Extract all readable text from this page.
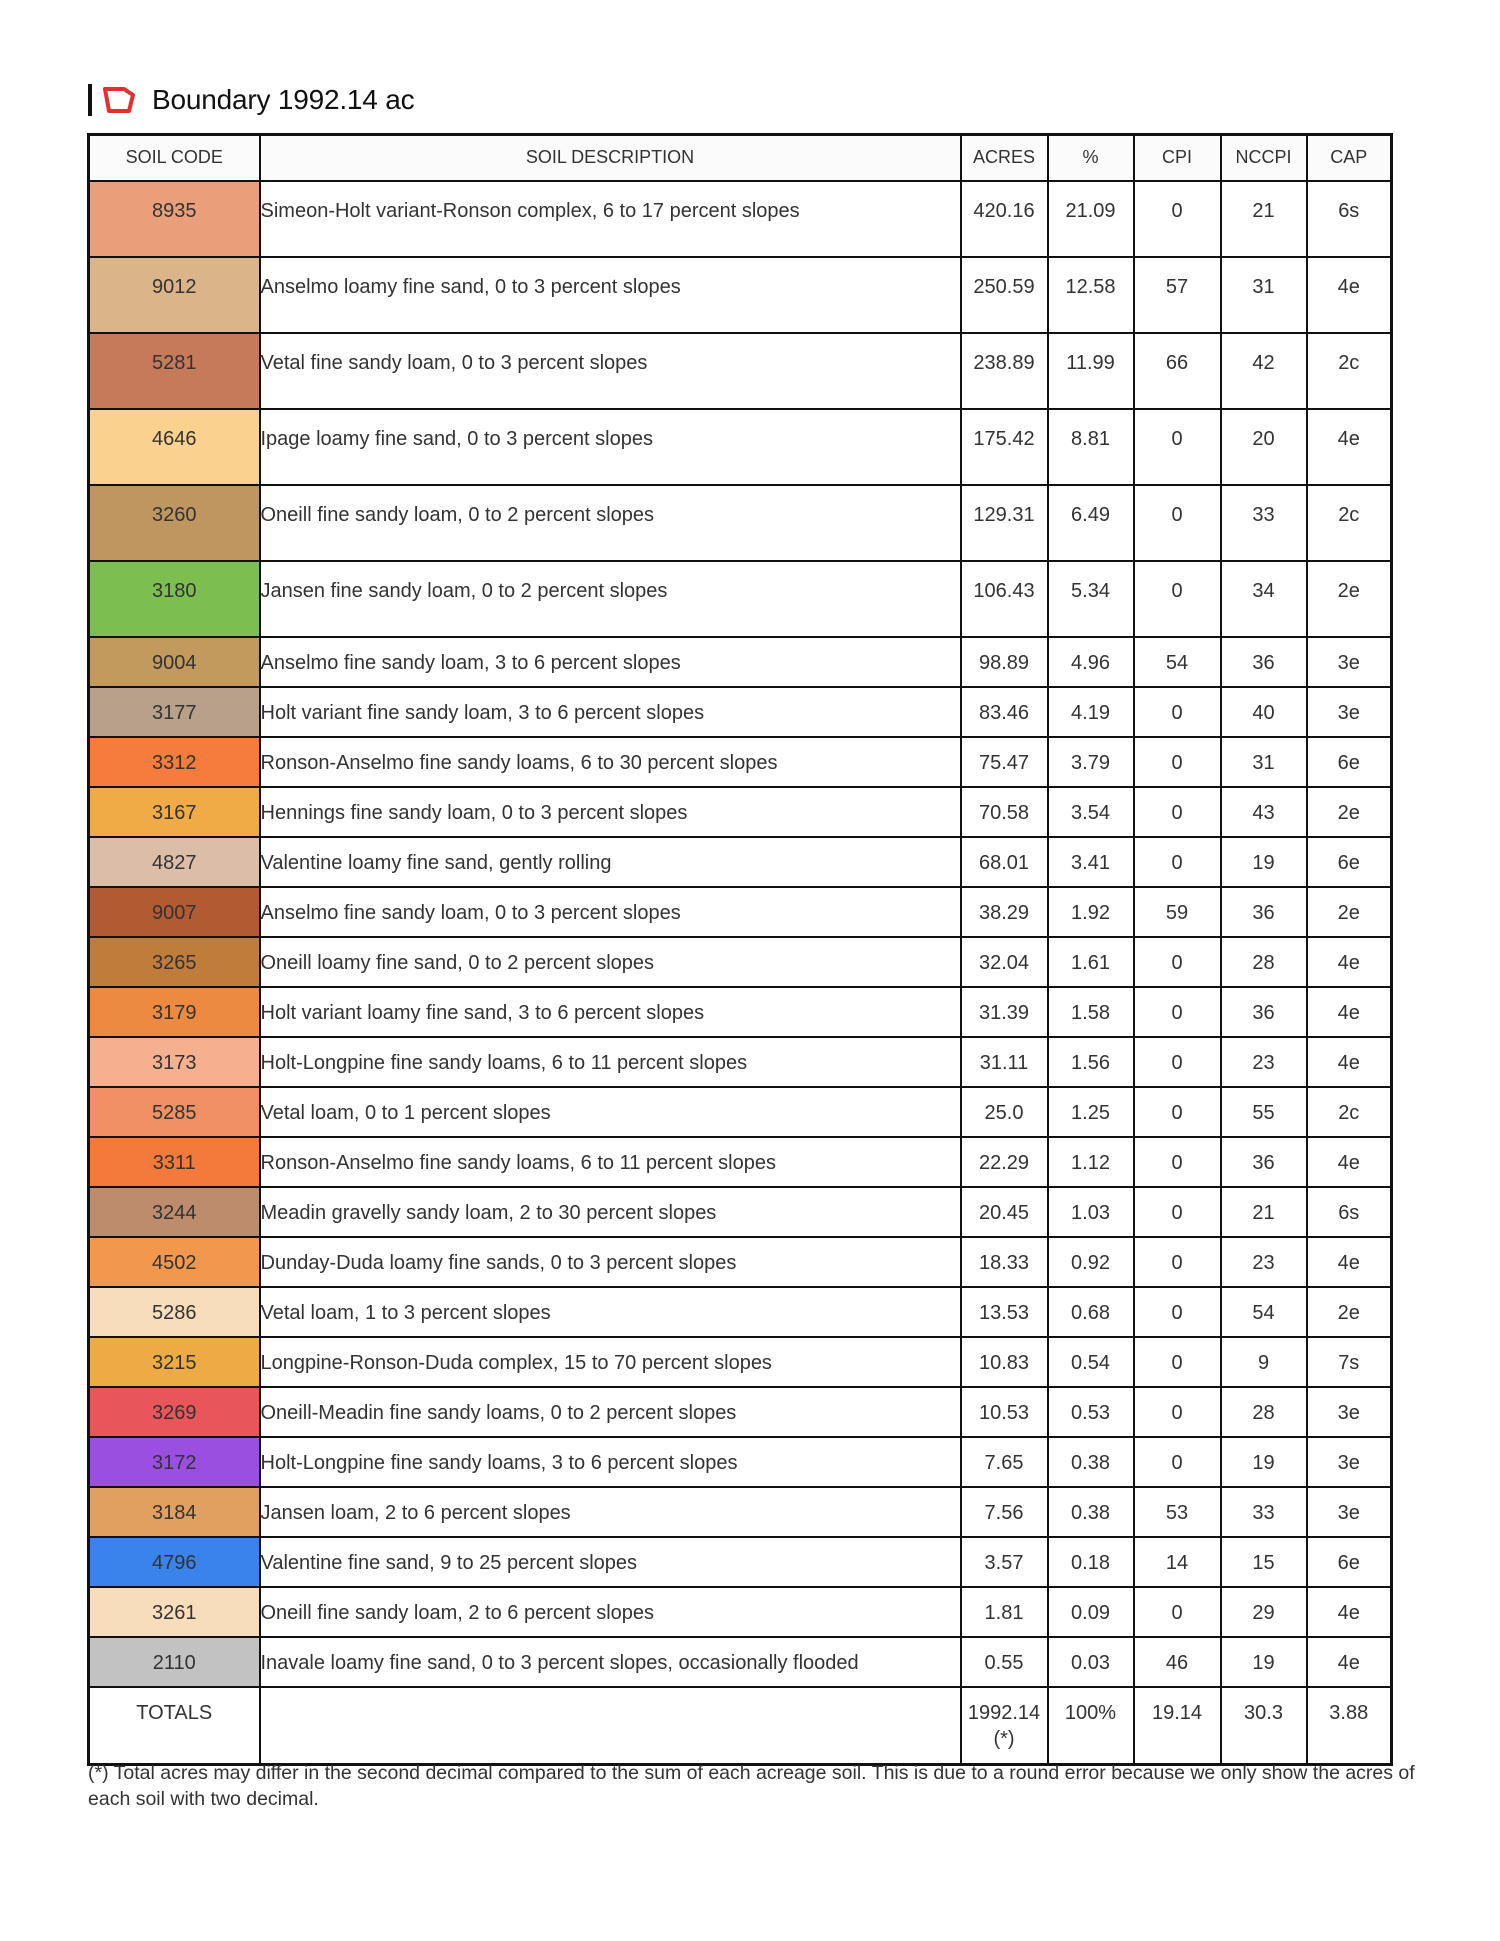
Boundary 1992.14 ac
SOIL CODE	SOIL DESCRIPTION	ACRES	%	CPI	NCCPI	CAP
8935	Simeon-Holt variant-Ronson complex, 6 to 17 percent slopes	420.16	21.09	0	21	6s
9012	Anselmo loamy fine sand, 0 to 3 percent slopes	250.59	12.58	57	31	4e
5281	Vetal fine sandy loam, 0 to 3 percent slopes	238.89	11.99	66	42	2c
4646	Ipage loamy fine sand, 0 to 3 percent slopes	175.42	8.81	0	20	4e
3260	Oneill fine sandy loam, 0 to 2 percent slopes	129.31	6.49	0	33	2c
3180	Jansen fine sandy loam, 0 to 2 percent slopes	106.43	5.34	0	34	2e
9004	Anselmo fine sandy loam, 3 to 6 percent slopes	98.89	4.96	54	36	3e
3177	Holt variant fine sandy loam, 3 to 6 percent slopes	83.46	4.19	0	40	3e
3312	Ronson-Anselmo fine sandy loams, 6 to 30 percent slopes	75.47	3.79	0	31	6e
3167	Hennings fine sandy loam, 0 to 3 percent slopes	70.58	3.54	0	43	2e
4827	Valentine loamy fine sand, gently rolling	68.01	3.41	0	19	6e
9007	Anselmo fine sandy loam, 0 to 3 percent slopes	38.29	1.92	59	36	2e
3265	Oneill loamy fine sand, 0 to 2 percent slopes	32.04	1.61	0	28	4e
3179	Holt variant loamy fine sand, 3 to 6 percent slopes	31.39	1.58	0	36	4e
3173	Holt-Longpine fine sandy loams, 6 to 11 percent slopes	31.11	1.56	0	23	4e
5285	Vetal loam, 0 to 1 percent slopes	25.0	1.25	0	55	2c
3311	Ronson-Anselmo fine sandy loams, 6 to 11 percent slopes	22.29	1.12	0	36	4e
3244	Meadin gravelly sandy loam, 2 to 30 percent slopes	20.45	1.03	0	21	6s
4502	Dunday-Duda loamy fine sands, 0 to 3 percent slopes	18.33	0.92	0	23	4e
5286	Vetal loam, 1 to 3 percent slopes	13.53	0.68	0	54	2e
3215	Longpine-Ronson-Duda complex, 15 to 70 percent slopes	10.83	0.54	0	9	7s
3269	Oneill-Meadin fine sandy loams, 0 to 2 percent slopes	10.53	0.53	0	28	3e
3172	Holt-Longpine fine sandy loams, 3 to 6 percent slopes	7.65	0.38	0	19	3e
3184	Jansen loam, 2 to 6 percent slopes	7.56	0.38	53	33	3e
4796	Valentine fine sand, 9 to 25 percent slopes	3.57	0.18	14	15	6e
3261	Oneill fine sandy loam, 2 to 6 percent slopes	1.81	0.09	0	29	4e
2110	Inavale loamy fine sand, 0 to 3 percent slopes, occasionally flooded	0.55	0.03	46	19	4e
TOTALS		1992.14(*)	100%	19.14	30.3	3.88
(*) Total acres may differ in the second decimal compared to the sum of each acreage soil. This is due to a round error because we only show the acres of each soil with two decimal.
